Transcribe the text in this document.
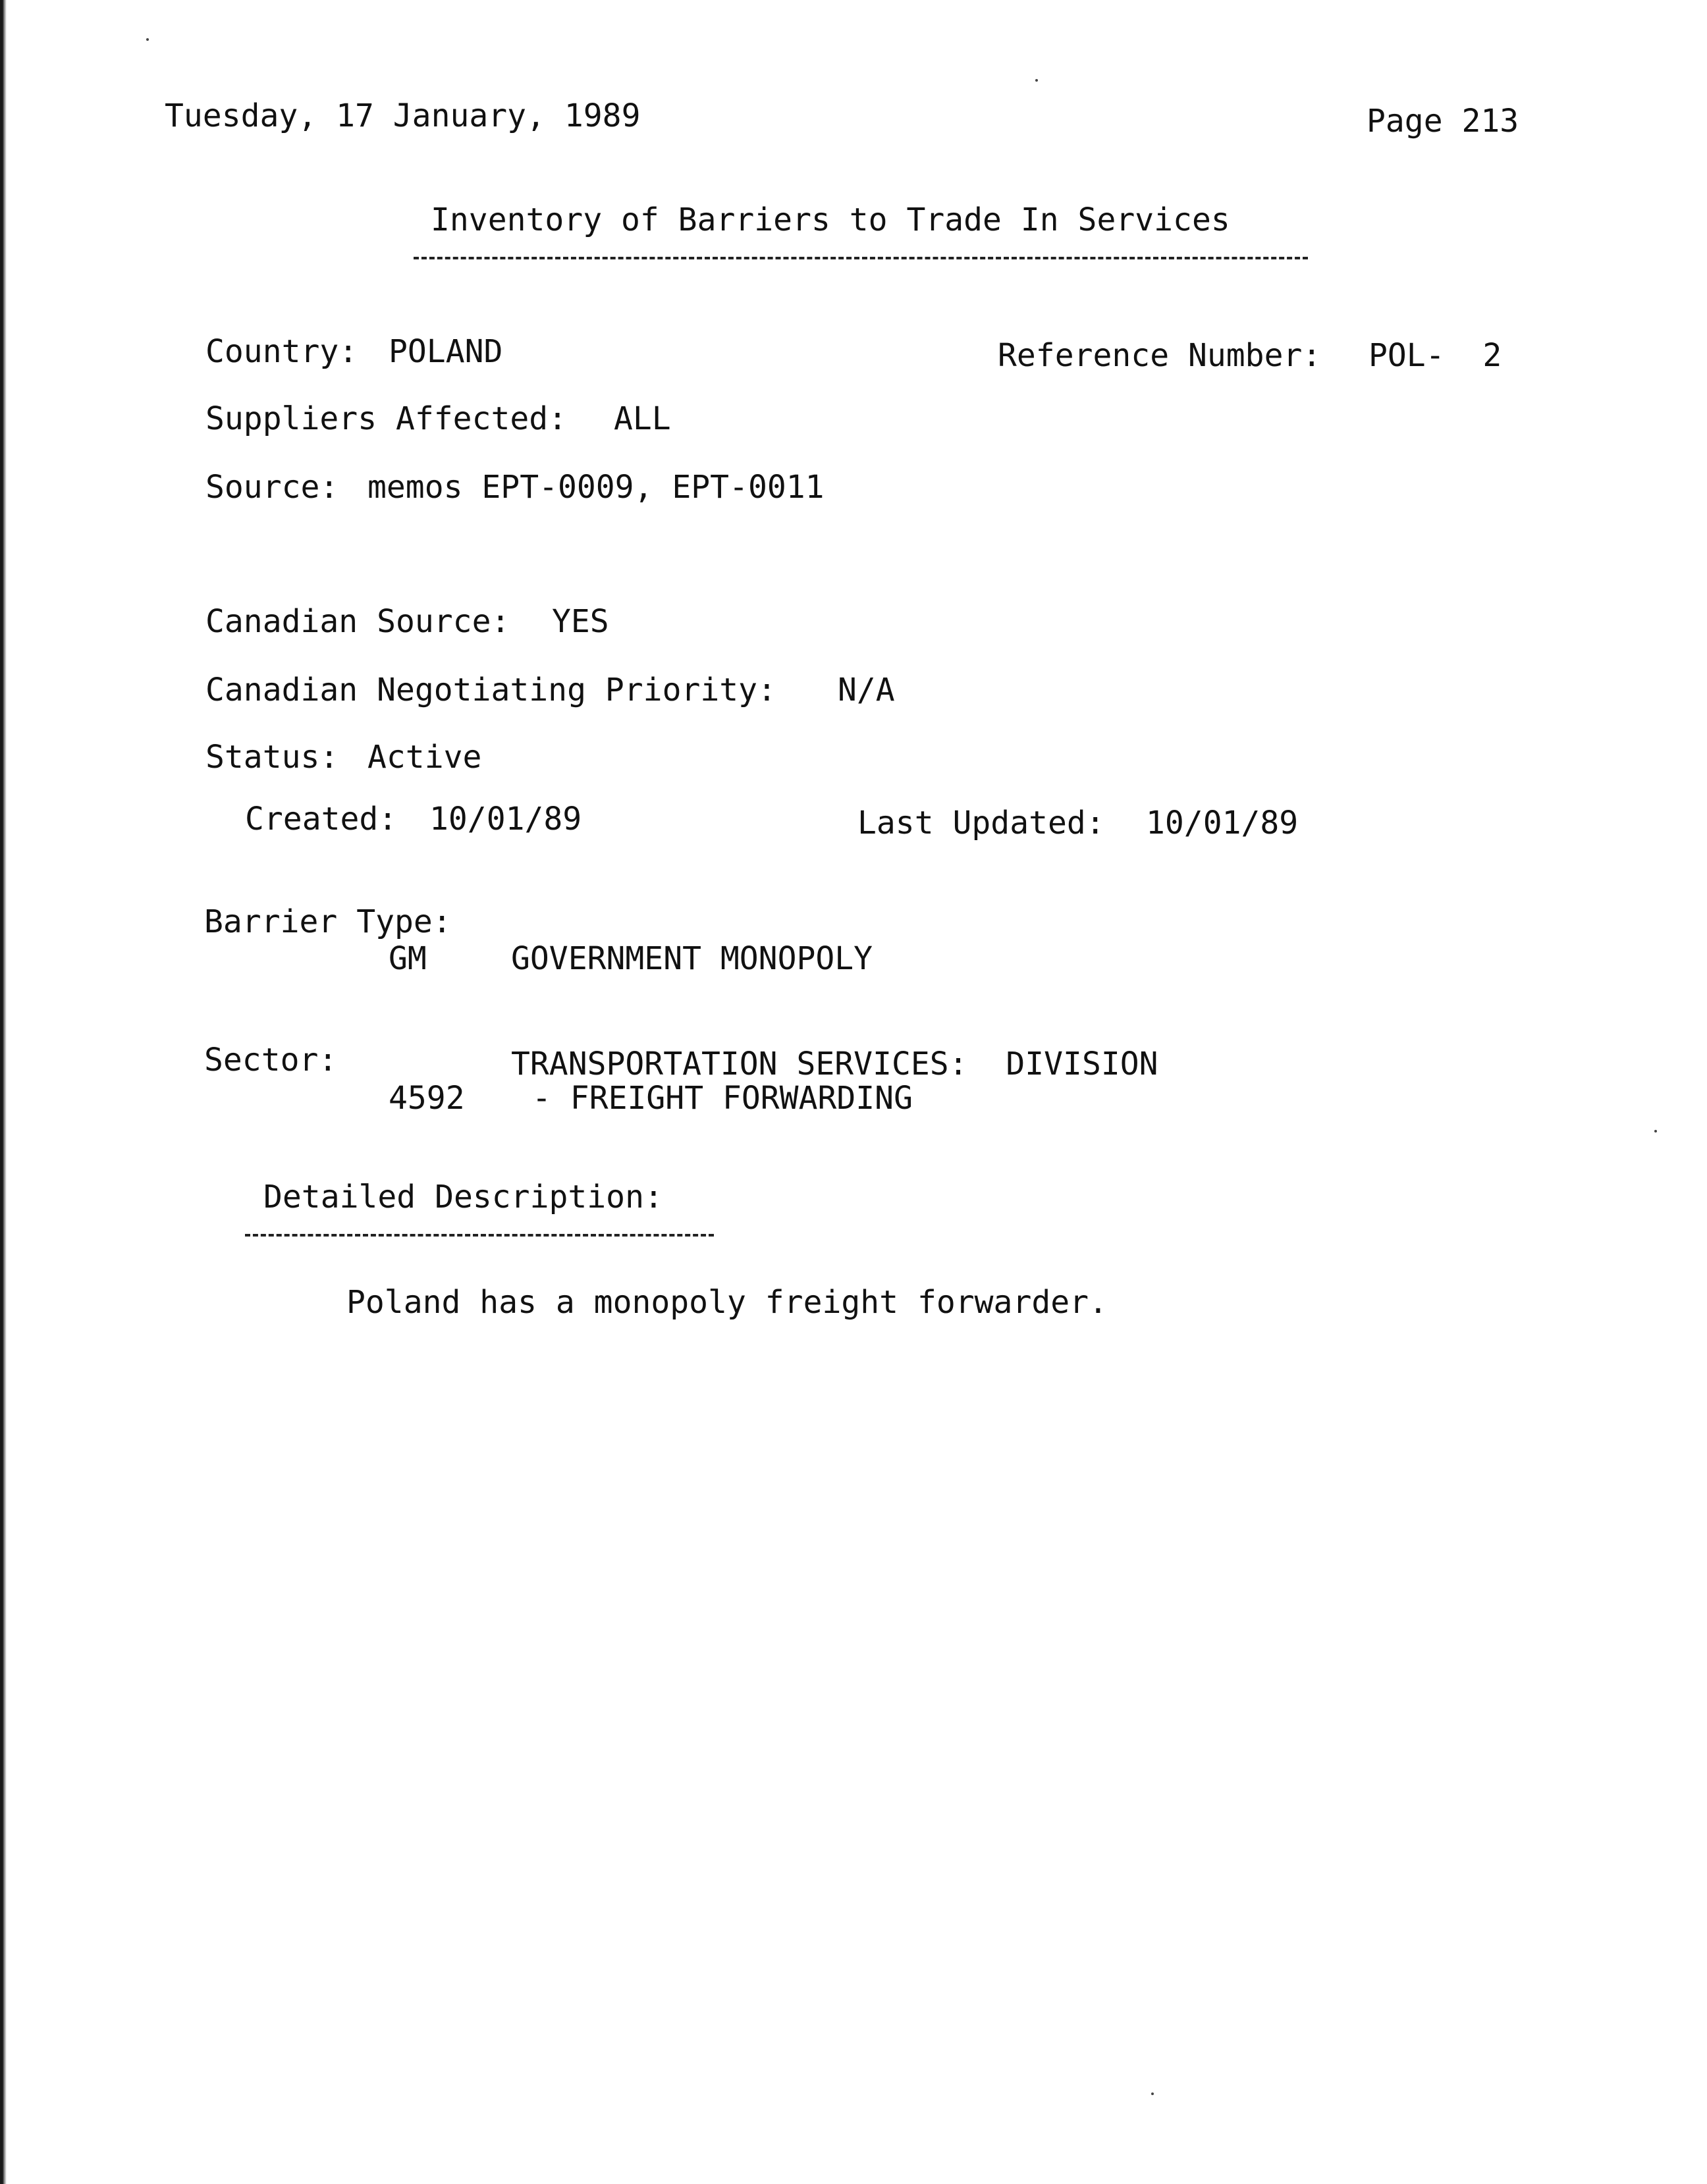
Tuesday, 17 January, 1989	Page 213
Inventory of Barriers to Trade In Services
Country: POLAND	Reference Number: POL-  2
Suppliers Affected: ALL
Source: memos EPT-0009, EPT-0011
Canadian Source: YES
Canadian Negotiating Priority: N/A
Status: Active
Created: 10/01/89	Last Updated: 10/01/89
Barrier Type:
GM	GOVERNMENT MONOPOLY
Sector:	TRANSPORTATION SERVICES:  DIVISION
4592 - FREIGHT FORWARDING
Detailed Description:
Poland has a monopoly freight forwarder.
